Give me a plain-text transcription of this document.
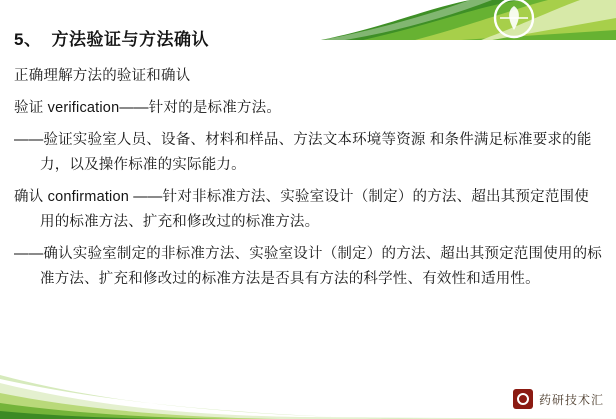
5、 方法验证与方法确认

正确理解方法的验证和确认

验证 verification——针对的是标准方法。

——验证实验室人员、设备、材料和样品、方法文本环境等资源 和条件满足标准要求的能力，以及操作标准的实际能力。

确认 confirmation ——针对非标准方法、实验室设计（制定）的方法、超出其预定范围使用的标准方法、扩充和修改过的标准方法。

——确认实验室制定的非标准方法、实验室设计（制定）的方法、超出其预定范围使用的标准方法、扩充和修改过的标准方法是否具有方法的科学性、有效性和适用性。

药研技术汇
